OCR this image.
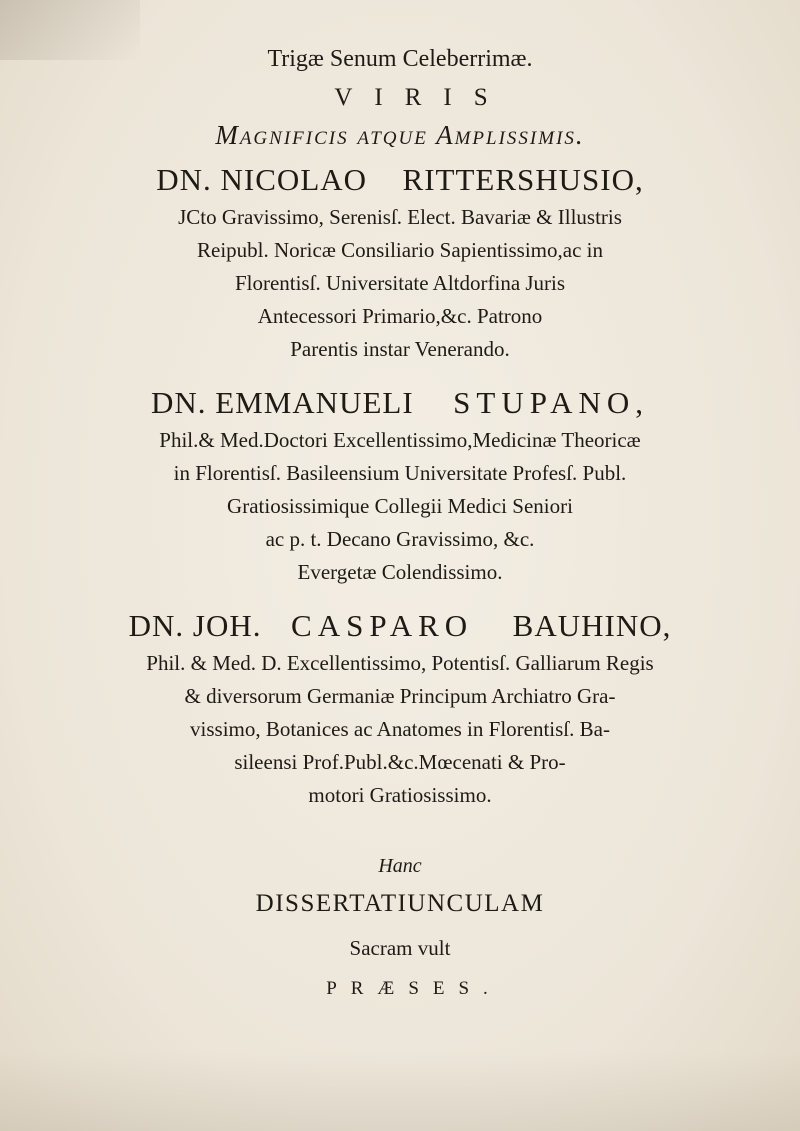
Trigæ Senum Celeberrimæ.
VIRIS
Magnificis atque Amplissimis.
DN. NICOLAO RITTERSHUSIO,
JCto Gravissimo, Serenisſ. Elect. Bavariæ & Illustris
Reipubl. Noricæ Consiliario Sapientissimo,ac in
Florentisſ. Universitate Altdorfina Juris
Antecessori Primario,&c. Patrono
Parentis instar Venerando.
DN. EMMANUELI STUPANO,
Phil.& Med.Doctori Excellentissimo,Medicinæ Theoricæ
in Florentisſ. Basileensium Universitate Profesſ. Publ.
Gratiosissimique Collegii Medici Seniori
ac p. t. Decano Gravissimo, &c.
Evergetæ Colendissimo.
DN. JOH. CASPARO BAUHINO,
Phil. & Med. D. Excellentissimo, Potentisſ. Galliarum Regis
& diversorum Germaniæ Principum Archiatro Gra-
vissimo, Botanices ac Anatomes in Florentisſ. Ba-
sileensi Prof.Publ.&c.Mœcenati & Pro-
motori Gratiosissimo.
Hanc
DISSERTATIUNCULAM
Sacram vult
PRÆSES.
